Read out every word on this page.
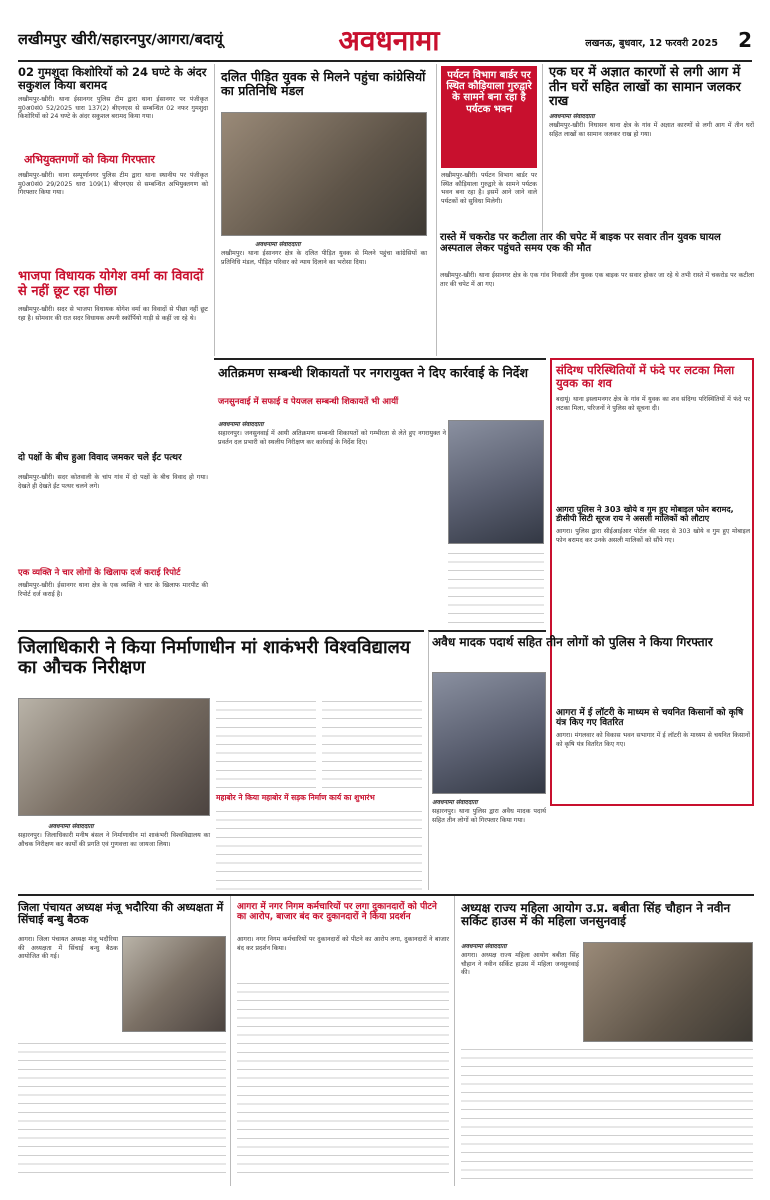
लखीमपुर खीरी/सहारनपुर/आगरा/बदायूं	अवधनामा	लखनऊ, बुधवार, 12 फरवरी 2025	2
02 गुमशुदा किशोरियों को 24 घण्टे के अंदर सकुशल किया बरामद
लखीमपुर-खीरी। थाना ईसानगर पुलिस टीम द्वारा थाना ईसानगर पर पंजीकृत मु0अ0सं0 52/2025 धारा 137(2) बीएनएस से सम्बन्धित 02 नफर गुमशुदा किशोरियों को 24 घण्टे के अंदर सकुशल बरामद किया गया।
अभियुक्तगणों को किया गिरफ्तार
लखीमपुर-खीरी। थाना सम्पूर्णानगर पुलिस टीम द्वारा थाना स्थानीय पर पंजीकृत मु0अ0सं0 29/2025 धारा 109(1) बीएनएस से सम्बन्धित अभियुक्तगण को गिरफ्तार किया गया।
भाजपा विधायक योगेश वर्मा का विवादों से नहीं छूट रहा पीछा
लखीमपुर-खीरी। सदर से भाजपा विधायक योगेश वर्मा का विवादों से पीछा नहीं छूट रहा है। सोमवार की रात सदर विधायक अपनी स्कॉर्पियो गाड़ी से कहीं जा रहे थे।
दो पक्षों के बीच हुआ विवाद जमकर चले ईंट पत्थर
लखीमपुर-खीरी। सदर कोतवाली के चांप गांव में दो पक्षों के बीच विवाद हो गया। देखते ही देखते ईंट पत्थर चलने लगे।
एक व्यक्ति ने चार लोगों के खिलाफ दर्ज कराई रिपोर्ट
लखीमपुर-खीरी। ईसानगर थाना क्षेत्र के एक व्यक्ति ने चार के खिलाफ मारपीट की रिपोर्ट दर्ज कराई है।
दलित पीड़ित युवक से मिलने पहुंचा कांग्रेसियों का प्रतिनिधि मंडल
अवधनामा संवाददाता
लखीमपुर। थाना ईसानगर क्षेत्र के दलित पीड़ित युवक से मिलने पहुंचा कांग्रेसियों का प्रतिनिधि मंडल, पीड़ित परिवार को न्याय दिलाने का भरोसा दिया।
पर्यटन विभाग बार्डर पर स्थित कौड़ियाला गुरुद्वारे के सामने बना रहा है पर्यटक भवन
लखीमपुर-खीरी। पर्यटन विभाग बार्डर पर स्थित कौड़ियाला गुरुद्वारे के सामने पर्यटक भवन बना रहा है। इसमें आने जाने वाले पर्यटकों को सुविधा मिलेगी।
एक घर में अज्ञात कारणों से लगी आग में तीन घरों सहित लाखों का सामान जलकर राख
अवधनामा संवाददाता
लखीमपुर-खीरी। निघासन थाना क्षेत्र के गांव में अज्ञात कारणों से लगी आग में तीन घरों सहित लाखों का सामान जलकर राख हो गया।
रास्ते में चकरोड पर कटीला तार की चपेट में बाइक पर सवार तीन युवक घायल अस्पताल लेकर पहुंचते समय एक की मौत
लखीमपुर-खीरी। थाना ईसानगर क्षेत्र के एक गांव निवासी तीन युवक एक बाइक पर सवार होकर जा रहे थे तभी रास्ते में चकरोड पर कटीला तार की चपेट में आ गए।
अतिक्रमण सम्बन्धी शिकायतों पर नगरायुक्त ने दिए कार्रवाई के निर्देश
जनसुनवाई में सफाई व पेयजल सम्बन्धी शिकायतें भी आयीं
अवधनामा संवाददाता
सहारनपुर। जनसुनवाई में आयी अतिक्रमण सम्बन्धी शिकायतों को गम्भीरता से लेते हुए नगरायुक्त ने प्रवर्तन दल प्रभारी को स्थलीय निरीक्षण कर कार्रवाई के निर्देश दिए।
संदिग्ध परिस्थितियों में फंदे पर लटका मिला युवक का शव
बदायूं। थाना इस्लामनगर क्षेत्र के गांव में युवक का शव संदिग्ध परिस्थितियों में फंदे पर लटका मिला, परिजनों ने पुलिस को सूचना दी।
आगरा पुलिस ने 303 खोये व गुम हुए मोबाइल फोन बरामद, डीसीपी सिटी सूरज राय ने असली मालिकों को लौटाए
आगरा। पुलिस द्वारा सीईआईआर पोर्टल की मदद से 303 खोये व गुम हुए मोबाइल फोन बरामद कर उनके असली मालिकों को सौंपे गए।
आगरा में ई लॉटरी के माध्यम से चयनित किसानों को कृषि यंत्र किए गए वितरित
आगरा। मंगलवार को विकास भवन सभागार में ई लॉटरी के माध्यम से चयनित किसानों को कृषि यंत्र वितरित किए गए।
जिलाधिकारी ने किया निर्माणाधीन मां शाकंभरी विश्वविद्यालय का औचक निरीक्षण
अवधनामा संवाददाता
सहारनपुर। जिलाधिकारी मनीष बंसल ने निर्माणाधीन मां शाकंभरी विश्वविद्यालय का औचक निरीक्षण कर कार्यों की प्रगति एवं गुणवत्ता का जायजा लिया।
महाबोर ने किया महाबोर में सड़क निर्माण कार्य का शुभारंभ
अवैध मादक पदार्थ सहित तीन लोगों को पुलिस ने किया गिरफ्तार
अवधनामा संवाददाता
सहारनपुर। थाना पुलिस द्वारा अवैध मादक पदार्थ सहित तीन लोगों को गिरफ्तार किया गया।
जिला पंचायत अध्यक्ष मंजू भदौरिया की अध्यक्षता में सिंचाई बन्धु बैठक
आगरा। जिला पंचायत अध्यक्ष मंजू भदौरिया की अध्यक्षता में सिंचाई बन्धु बैठक आयोजित की गई।
आगरा में नगर निगम कर्मचारियों पर लगा दुकानदारों को पीटने का आरोप, बाजार बंद कर दुकानदारों ने किया प्रदर्शन
आगरा। नगर निगम कर्मचारियों पर दुकानदारों को पीटने का आरोप लगा, दुकानदारों ने बाजार बंद कर प्रदर्शन किया।
अध्यक्ष राज्य महिला आयोग उ.प्र. बबीता सिंह चौहान ने नवीन सर्किट हाउस में की महिला जनसुनवाई
अवधनामा संवाददाता
आगरा। अध्यक्ष राज्य महिला आयोग बबीता सिंह चौहान ने नवीन सर्किट हाउस में महिला जनसुनवाई की।
